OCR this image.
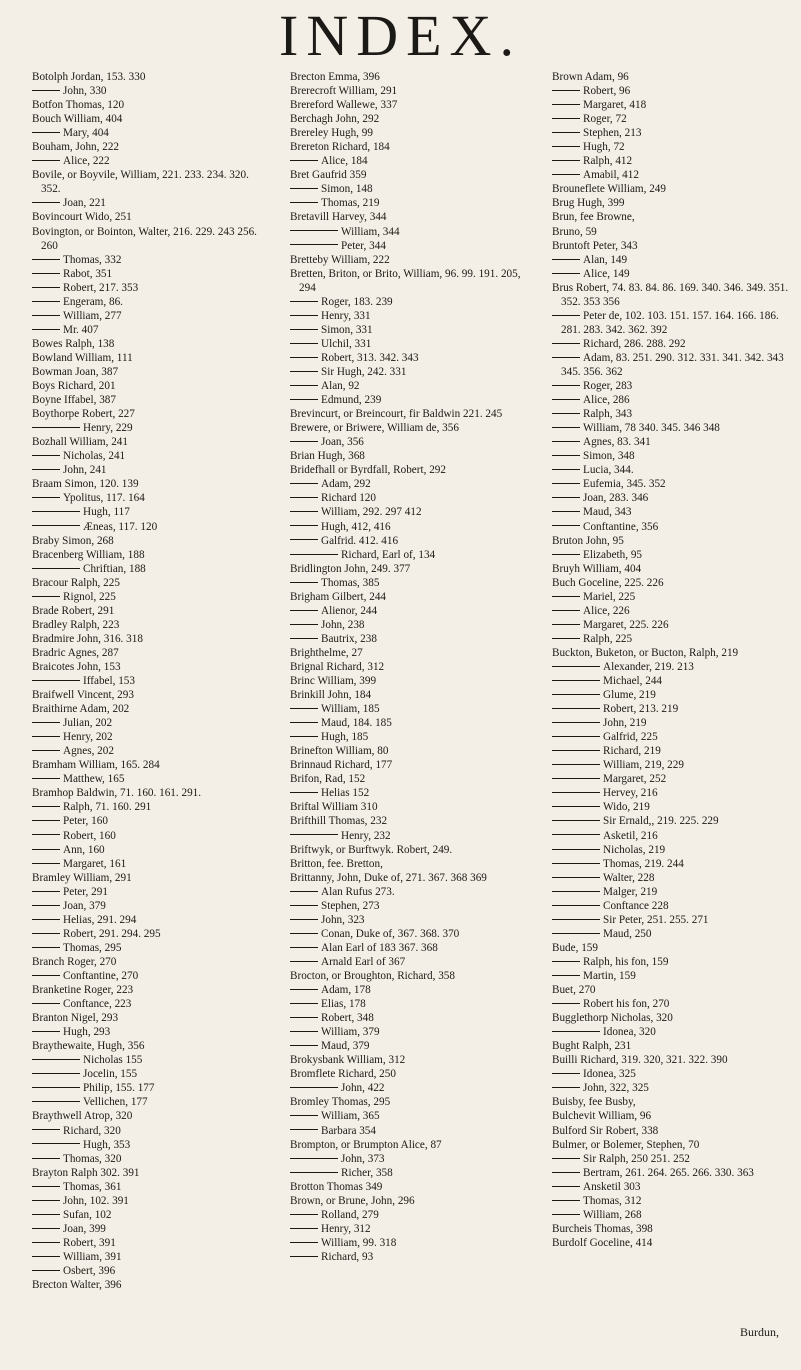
INDEX.
Botolph Jordan, 153. 330
John, 330
Botfon Thomas, 120
Bouch William, 404
Mary, 404
Bouham, John, 222
Alice, 222
Bovile, or Boyvile, William, 221. 233. 234. 320. 352.
Joan, 221
Bovincourt Wido, 251
Bovington, or Bointon, Walter, 216. 229. 243 256. 260
Thomas, 332
Rabot, 351
Robert, 217. 353
Engeram, 86.
William, 277
Mr. 407
Bowes Ralph, 138
Bowland William, 111
Bowman Joan, 387
Boys Richard, 201
Boyne Iffabel, 387
Boythorpe Robert, 227
Henry, 229
Bozhall William, 241
Nicholas, 241
John, 241
Braam Simon, 120. 139
Ypolitus, 117. 164
Hugh, 117
Æneas, 117. 120
Braby Simon, 268
Bracenberg William, 188
Chriftian, 188
Bracour Ralph, 225
Rignol, 225
Brade Robert, 291
Bradley Ralph, 223
Bradmire John, 316. 318
Bradric Agnes, 287
Braicotes John, 153
Iffabel, 153
Braifwell Vincent, 293
Braithirne Adam, 202
Julian, 202
Henry, 202
Agnes, 202
Bramham William, 165. 284
Matthew, 165
Bramhop Baldwin, 71. 160. 161. 291.
Ralph, 71. 160. 291
Peter, 160
Robert, 160
Ann, 160
Margaret, 161
Bramley William, 291
Peter, 291
Joan, 379
Helias, 291. 294
Robert, 291. 294. 295
Thomas, 295
Branch Roger, 270
Conftantine, 270
Branketine Roger, 223
Conftance, 223
Branton Nigel, 293
Hugh, 293
Braythewaite, Hugh, 356
Nicholas 155
Jocelin, 155
Philip, 155. 177
Vellichen, 177
Braythwell Atrop, 320
Richard, 320
Hugh, 353
Thomas, 320
Brayton Ralph 302. 391
Thomas, 361
John, 102. 391
Sufan, 102
Joan, 399
Robert, 391
William, 391
Osbert, 396
Brecton Walter, 396
Brecton Emma, 396
Brerecroft William, 291
Brereford Wallewe, 337
Berchagh John, 292
Brereley Hugh, 99
Brereton Richard, 184
Alice, 184
Bret Gaufrid 359
Simon, 148
Thomas, 219
Bretavill Harvey, 344
William, 344
Peter, 344
Bretteby William, 222
Bretten, Briton, or Brito, William, 96. 99. 191. 205, 294
Roger, 183. 239
Henry, 331
Simon, 331
Ulchil, 331
Robert, 313. 342. 343
Sir Hugh, 242. 331
Alan, 92
Edmund, 239
Brevincurt, or Breincourt, fir Baldwin 221. 245
Brewere, or Briwere, William de, 356
Joan, 356
Brian Hugh, 368
Bridefhall or Byrdfall, Robert, 292
Adam, 292
Richard 120
William, 292. 297 412
Hugh, 412, 416
Galfrid. 412. 416
Richard, Earl of, 134
Bridlington John, 249. 377
Thomas, 385
Brigham Gilbert, 244
Alienor, 244
John, 238
Bautrix, 238
Brighthelme, 27
Brignal Richard, 312
Brinc William, 399
Brinkill John, 184
William, 185
Maud, 184. 185
Hugh, 185
Brinefton William, 80
Brinnaud Richard, 177
Brifon, Rad, 152
Helias 152
Briftal William 310
Brifthill Thomas, 232
Henry, 232
Briftwyk, or Burftwyk. Robert, 249.
Britton, fee. Bretton,
Brittanny, John, Duke of, 271. 367. 368 369
Alan Rufus 273.
Stephen, 273
John, 323
Conan, Duke of, 367. 368. 370
Alan Earl of 183 367. 368
Arnald Earl of 367
Brocton, or Broughton, Richard, 358
Adam, 178
Elias, 178
Robert, 348
William, 379
Maud, 379
Brokysbank William, 312
Bromflete Richard, 250
John, 422
Bromley Thomas, 295
William, 365
Barbara 354
Brompton, or Brumpton Alice, 87
John, 373
Richer, 358
Brotton Thomas 349
Brown, or Brune, John, 296
Rolland, 279
Henry, 312
William, 99. 318
Richard, 93
Brown Adam, 96
Robert, 96
Margaret, 418
Roger, 72
Stephen, 213
Hugh, 72
Ralph, 412
Amabil, 412
Brouneflete William, 249
Brug Hugh, 399
Brun, fee Browne,
Bruno, 59
Bruntoft Peter, 343
Alan, 149
Alice, 149
Brus Robert, 74. 83. 84. 86. 169. 340. 346. 349. 351. 352. 353 356
Peter de, 102. 103. 151. 157. 164. 166. 186. 281. 283. 342. 362. 392
Richard, 286. 288. 292
Adam, 83. 251. 290. 312. 331. 341. 342. 343 345. 356. 362
Roger, 283
Alice, 286
Ralph, 343
William, 78 340. 345. 346 348
Agnes, 83. 341
Simon, 348
Lucia, 344.
Eufemia, 345. 352
Joan, 283. 346
Maud, 343
Conftantine, 356
Bruton John, 95
Elizabeth, 95
Bruyh William, 404
Buch Goceline, 225. 226
Mariel, 225
Alice, 226
Margaret, 225. 226
Ralph, 225
Buckton, Buketon, or Bucton, Ralph, 219
Alexander, 219. 213
Michael, 244
Glume, 219
Robert, 213. 219
John, 219
Galfrid, 225
Richard, 219
William, 219, 229
Margaret, 252
Hervey, 216
Wido, 219
Sir Ernald,, 219. 225. 229
Asketil, 216
Nicholas, 219
Thomas, 219. 244
Walter, 228
Malger, 219
Conftance 228
Sir Peter, 251. 255. 271
Maud, 250
Bude, 159
Ralph, his fon, 159
Martin, 159
Buet, 270
Robert his fon, 270
Bugglethorp Nicholas, 320
Idonea, 320
Bught Ralph, 231
Builli Richard, 319. 320, 321. 322. 390
Idonea, 325
John, 322, 325
Buisby, fee Busby,
Bulchevit William, 96
Bulford Sir Robert, 338
Bulmer, or Bolemer, Stephen, 70
Sir Ralph, 250 251. 252
Bertram, 261. 264. 265. 266. 330. 363
Ansketil 303
Thomas, 312
William, 268
Burcheis Thomas, 398
Burdolf Goceline, 414
Burdun,
